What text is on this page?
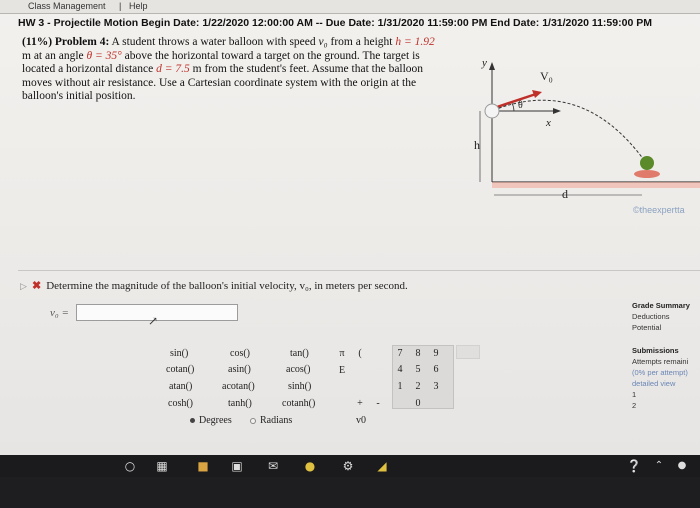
Class Management | Help
HW 3 - Projectile Motion Begin Date: 1/22/2020 12:00:00 AM -- Due Date: 1/31/2020 11:59:00 PM End Date: 1/31/2020 11:59:00 PM
(11%) Problem 4: A student throws a water balloon with speed v₀ from a height h = 1.92
m at an angle θ = 35° above the horizontal toward a target on the ground. The target is
located a horizontal distance d = 7.5 m from the student's feet. Assume that the balloon
moves without air resistance. Use a Cartesian coordinate system with the origin at the
balloon's initial position.
y
x
h
V₀
θ
d
©theexpertta
▷ ✖ Determine the magnitude of the balloon's initial velocity, v₀, in meters per second.
v₀ =
↗
sin()	cos()	tan()
cotan()	asin()	acos()
atan()	acotan()	sinh()
cosh()	tanh()	cotanh()
π	(
E
+	-
v0
7	8	9
4	5	6
1	2	3
0
Degrees	Radians
Grade Summary
Deductions
Potential
Submissions
Attempts remaini
(0% per attempt)
detailed view
1
2
○	▦	■	▣	✉	●	⚙	◢	❔ ⌃	●
